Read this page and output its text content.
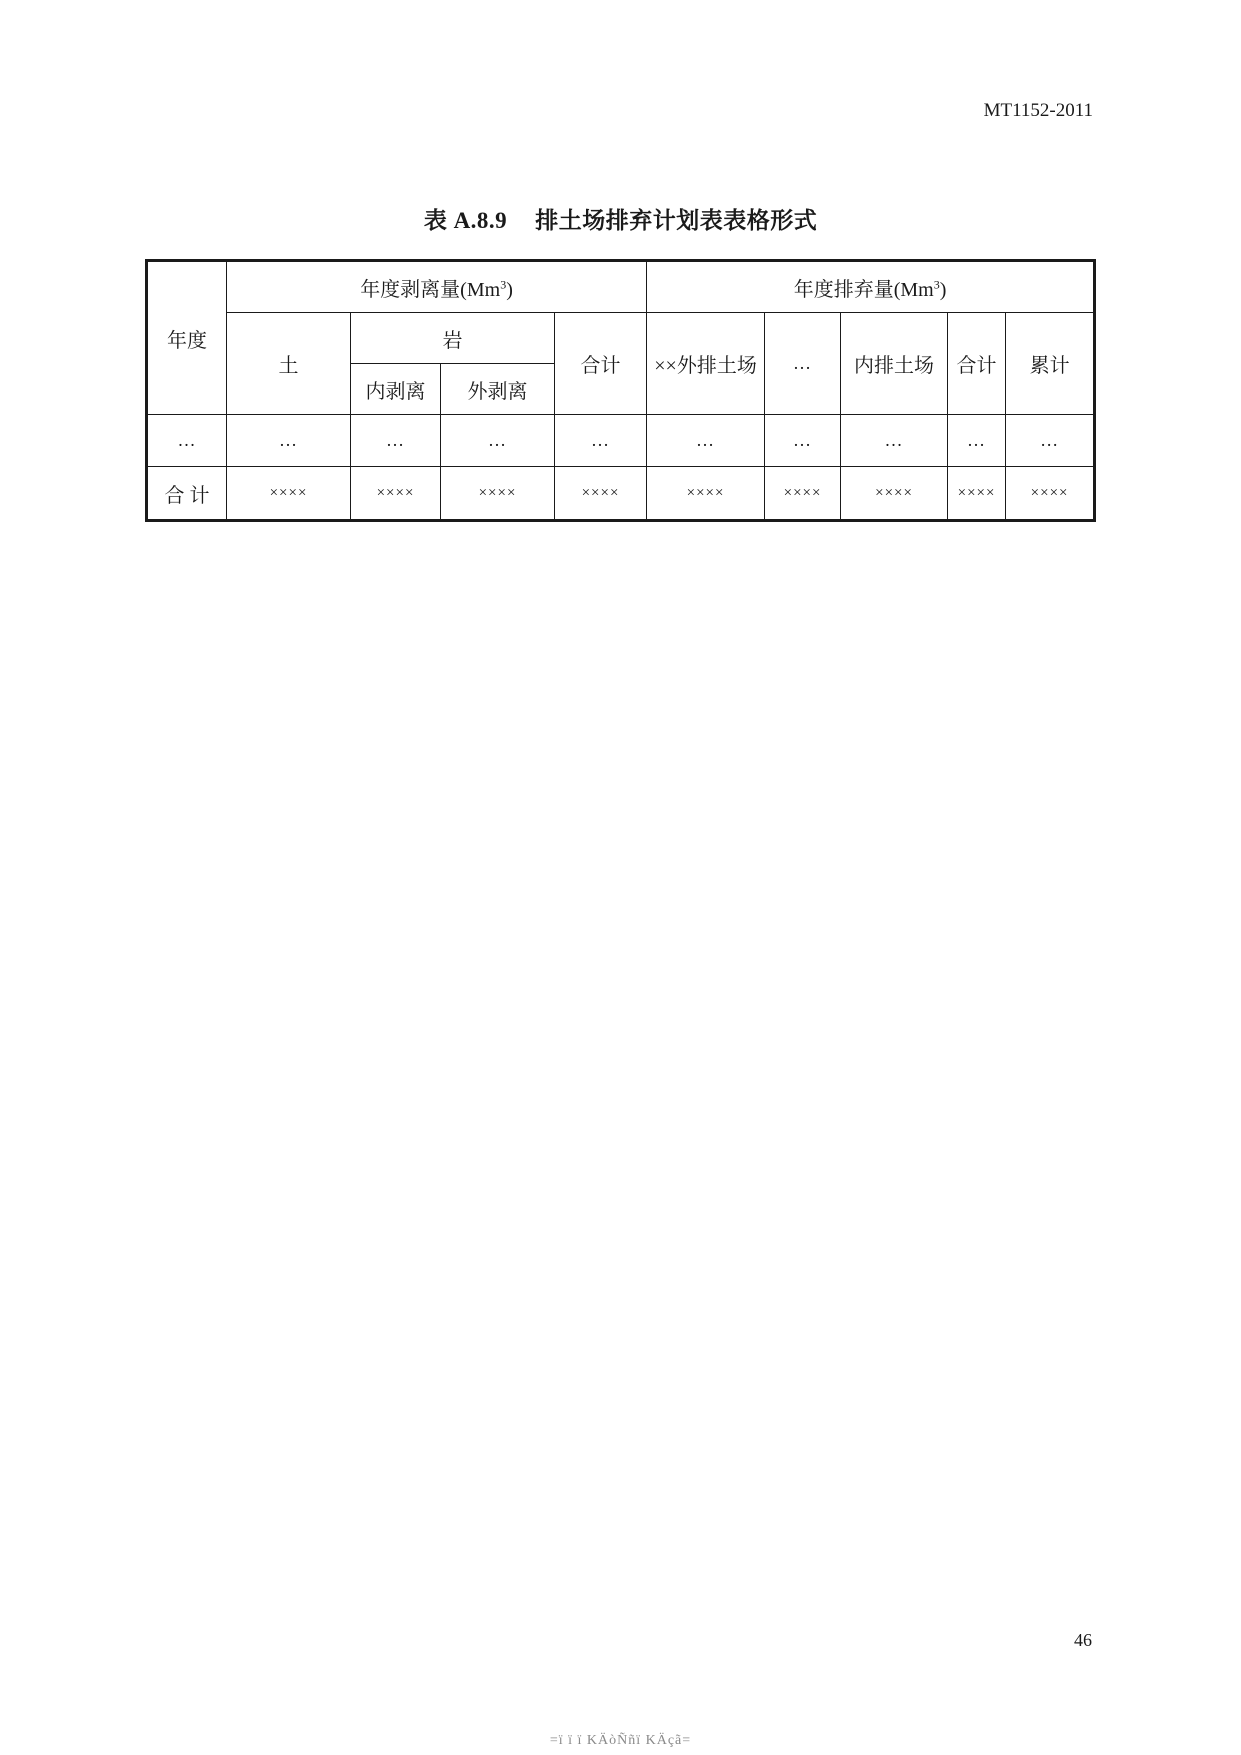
MT1152-2011
表 A.8.9 排土场排弃计划表表格形式
年度	年度剥离量(Mm$^3$)				年度排弃量(Mm$^3$)				
	土	岩		合计	××外排土场	…	内排土场	合计	累计
		内剥离	外剥离						
…	…	…	…	…	…	…	…	…	…
合 计	××××	××××	××××	××××	××××	××××	××××	××××	××××
46
=ï ï ï KÄòÑñï KÄçã=
